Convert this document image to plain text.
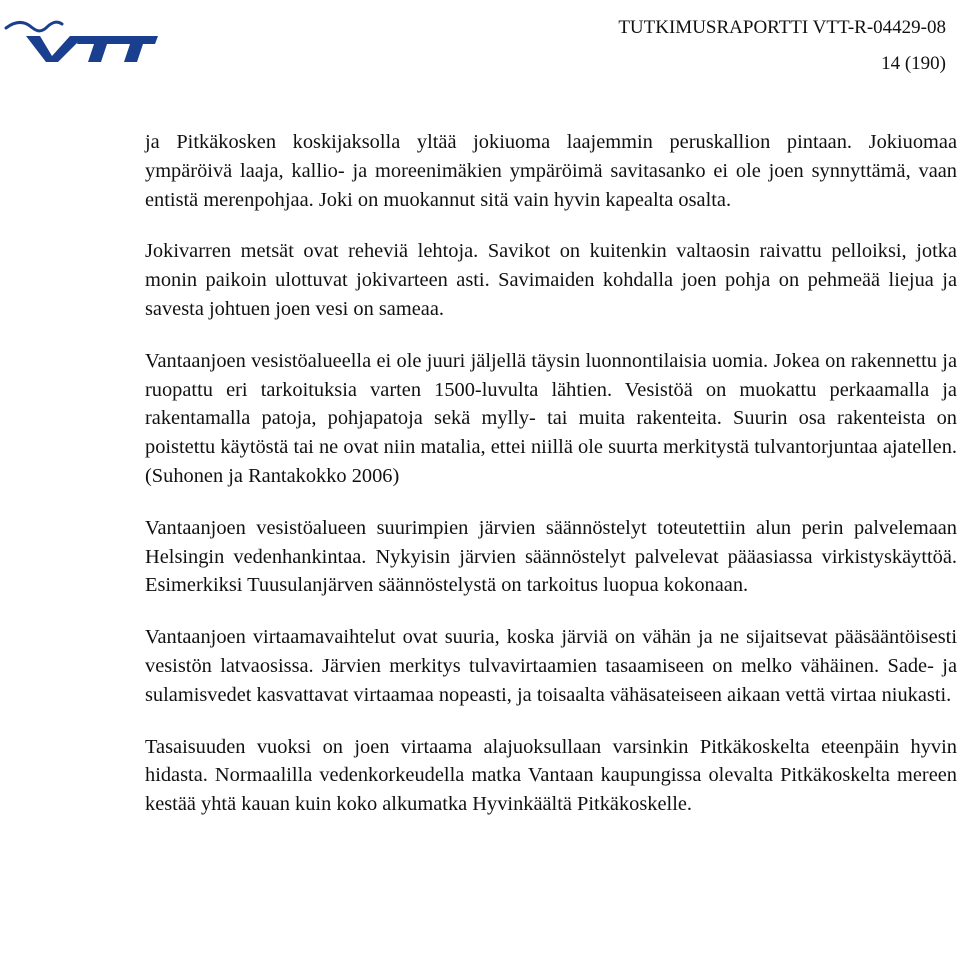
TUTKIMUSRAPORTTI VTT-R-04429-08
14 (190)

ja Pitkäkosken koskijaksolla yltää jokiuoma laajemmin peruskallion pintaan. Jokiuomaa ympäröivä laaja, kallio- ja moreenimäkien ympäröimä savitasanko ei ole joen synnyttämä, vaan entistä merenpohjaa. Joki on muokannut sitä vain hyvin kapealta osalta.

Jokivarren metsät ovat reheviä lehtoja. Savikot on kuitenkin valtaosin raivattu pelloiksi, jotka monin paikoin ulottuvat jokivarteen asti. Savimaiden kohdalla joen pohja on pehmeää liejua ja savesta johtuen joen vesi on sameaa.

Vantaanjoen vesistöalueella ei ole juuri jäljellä täysin luonnontilaisia uomia. Jokea on rakennettu ja ruopattu eri tarkoituksia varten 1500-luvulta lähtien. Vesistöä on muokattu perkaamalla ja rakentamalla patoja, pohjapatoja sekä mylly- tai muita rakenteita. Suurin osa rakenteista on poistettu käytöstä tai ne ovat niin matalia, ettei niillä ole suurta merkitystä tulvantorjuntaa ajatellen. (Suhonen ja Rantakokko 2006)

Vantaanjoen vesistöalueen suurimpien järvien säännöstelyt toteutettiin alun perin palvelemaan Helsingin vedenhankintaa. Nykyisin järvien säännöstelyt palvelevat pääasiassa virkistyskäyttöä. Esimerkiksi Tuusulanjärven säännöstelystä on tarkoitus luopua kokonaan.

Vantaanjoen virtaamavaihtelut ovat suuria, koska järviä on vähän ja ne sijaitsevat pääsääntöisesti vesistön latvaosissa. Järvien merkitys tulvavirtaamien tasaamiseen on melko vähäinen. Sade- ja sulamisvedet kasvattavat virtaamaa nopeasti, ja toisaalta vähäsateiseen aikaan vettä virtaa niukasti.

Tasaisuuden vuoksi on joen virtaama alajuoksullaan varsinkin Pitkäkoskelta eteenpäin hyvin hidasta. Normaalilla vedenkorkeudella matka Vantaan kaupungissa olevalta Pitkäkoskelta mereen kestää yhtä kauan kuin koko alkumatka Hyvinkäältä Pitkäkoskelle.
